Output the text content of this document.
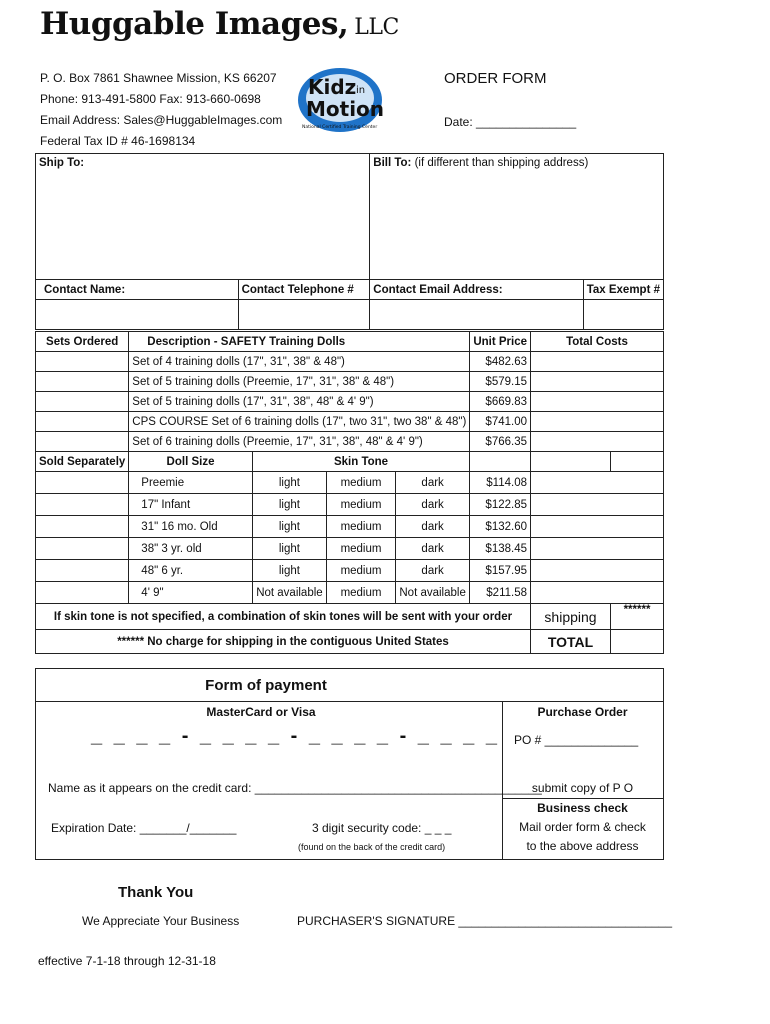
Huggable Images, LLC
P. O. Box 7861 Shawnee Mission, KS 66207
Phone: 913-491-5800 Fax: 913-660-0698
Email Address: Sales@HuggableImages.com
Federal Tax ID # 46-1698134
Kidz in
Motion
National Certified Training Center
ORDER FORM
Date: _______________
Ship To:		Bill To: (if different than shipping address)	
Contact Name:	Contact Telephone #	Contact Email Address:	Tax Exempt #

Sets Ordered	Description - SAFETY Training Dolls				Unit Price	Total Costs	
	Set of 4 training dolls (17", 31", 38" & 48")				$482.63		
	Set of 5 training dolls (Preemie, 17", 31", 38" & 48")				$579.15		
	Set of 5 training dolls (17", 31", 38", 48" & 4' 9")				$669.83		
	CPS COURSE Set of 6 training dolls (17", two 31", two 38" & 48")				$741.00		
	Set of 6 training dolls (Preemie, 17", 31", 38", 48" & 4' 9")				$766.35		
Sold Separately	Doll Size	Skin Tone					
	Preemie	light	medium	dark	$114.08		
	17" Infant	light	medium	dark	$122.85		
	31" 16 mo. Old	light	medium	dark	$132.60		
	38" 3 yr. old	light	medium	dark	$138.45		
	48" 6 yr.	light	medium	dark	$157.95		
	4' 9"	Not available	medium	Not available	$211.58		
If skin tone is not specified, a combination of skin tones will be sent with your order						shipping	******
****** No charge for shipping in the contiguous United States						TOTAL	
Form of payment
MasterCard or Visa
_ _ _ _ - _ _ _ _ - _ _ _ _ - _ _ _ _
Name as it appears on the credit card: ___________________________________________
Expiration Date: _______/_______	3 digit security code: _ _ _
(found on the back of the credit card)
Purchase Order
PO # ______________
submit copy of P O
Business check
Mail order form & check
to the above address
Thank You
We Appreciate Your Business	PURCHASER'S SIGNATURE ________________________________
effective 7-1-18 through 12-31-18
